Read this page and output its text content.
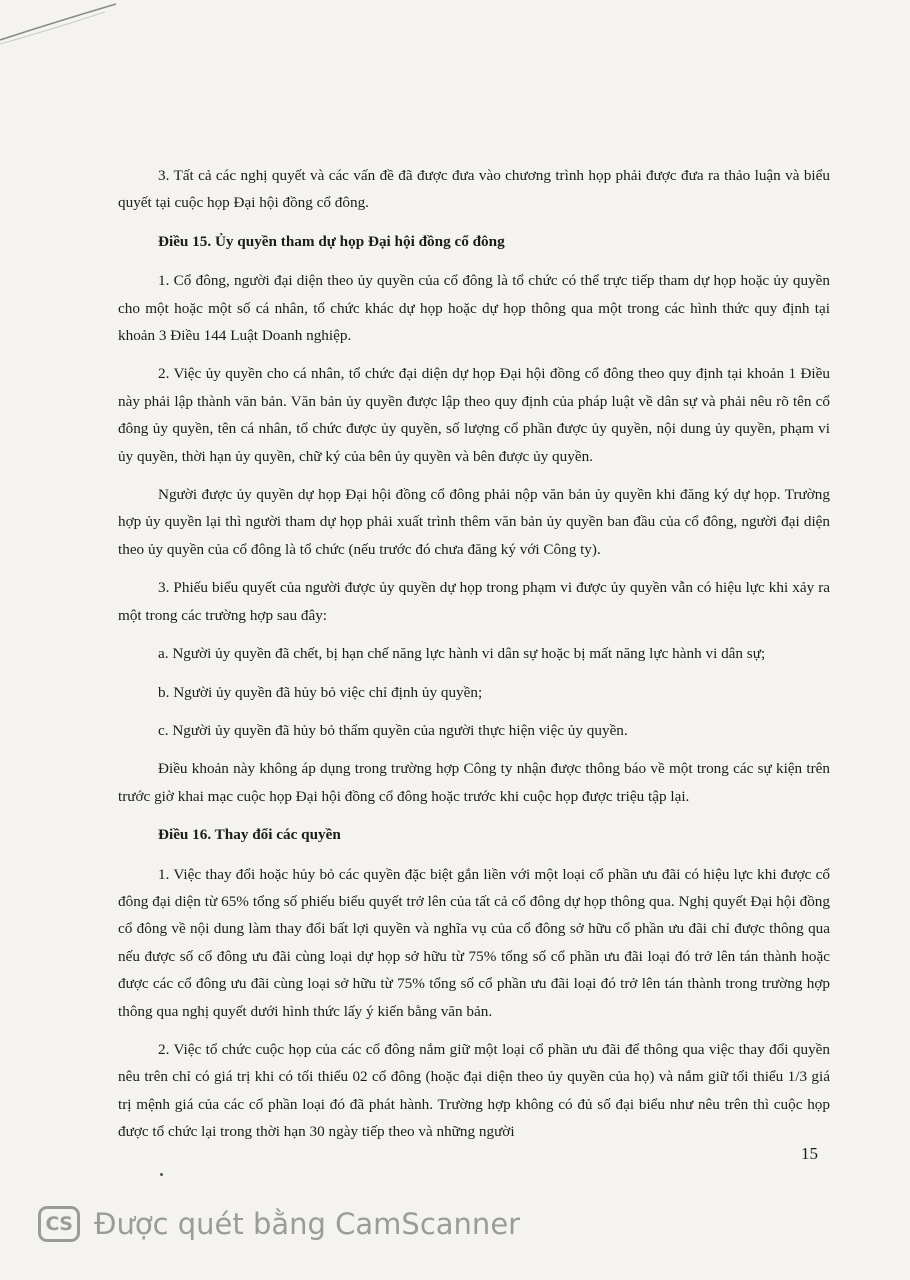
3. Tất cả các nghị quyết và các vấn đề đã được đưa vào chương trình họp phải được đưa ra thảo luận và biểu quyết tại cuộc họp Đại hội đồng cổ đông.

Điều 15. Ủy quyền tham dự họp Đại hội đồng cổ đông

1. Cổ đông, người đại diện theo ủy quyền của cổ đông là tổ chức có thể trực tiếp tham dự họp hoặc ủy quyền cho một hoặc một số cá nhân, tổ chức khác dự họp hoặc dự họp thông qua một trong các hình thức quy định tại khoản 3 Điều 144 Luật Doanh nghiệp.

2. Việc ủy quyền cho cá nhân, tổ chức đại diện dự họp Đại hội đồng cổ đông theo quy định tại khoản 1 Điều này phải lập thành văn bản. Văn bản ủy quyền được lập theo quy định của pháp luật về dân sự và phải nêu rõ tên cổ đông ủy quyền, tên cá nhân, tổ chức được ủy quyền, số lượng cổ phần được ủy quyền, nội dung ủy quyền, phạm vi ủy quyền, thời hạn ủy quyền, chữ ký của bên ủy quyền và bên được ủy quyền.

Người được ủy quyền dự họp Đại hội đồng cổ đông phải nộp văn bản ủy quyền khi đăng ký dự họp. Trường hợp ủy quyền lại thì người tham dự họp phải xuất trình thêm văn bản ủy quyền ban đầu của cổ đông, người đại diện theo ủy quyền của cổ đông là tổ chức (nếu trước đó chưa đăng ký với Công ty).

3. Phiếu biểu quyết của người được ủy quyền dự họp trong phạm vi được ủy quyền vẫn có hiệu lực khi xảy ra một trong các trường hợp sau đây:

a. Người ủy quyền đã chết, bị hạn chế năng lực hành vi dân sự hoặc bị mất năng lực hành vi dân sự;

b. Người ủy quyền đã hủy bỏ việc chỉ định ủy quyền;

c. Người ủy quyền đã hủy bỏ thẩm quyền của người thực hiện việc ủy quyền.

Điều khoản này không áp dụng trong trường hợp Công ty nhận được thông báo về một trong các sự kiện trên trước giờ khai mạc cuộc họp Đại hội đồng cổ đông hoặc trước khi cuộc họp được triệu tập lại.

Điều 16. Thay đổi các quyền

1. Việc thay đổi hoặc hủy bỏ các quyền đặc biệt gắn liền với một loại cổ phần ưu đãi có hiệu lực khi được cổ đông đại diện từ 65% tổng số phiếu biểu quyết trở lên của tất cả cổ đông dự họp thông qua. Nghị quyết Đại hội đồng cổ đông về nội dung làm thay đổi bất lợi quyền và nghĩa vụ của cổ đông sở hữu cổ phần ưu đãi chỉ được thông qua nếu được số cổ đông ưu đãi cùng loại dự họp sở hữu từ 75% tổng số cổ phần ưu đãi loại đó trở lên tán thành hoặc được các cổ đông ưu đãi cùng loại sở hữu từ 75% tổng số cổ phần ưu đãi loại đó trở lên tán thành trong trường hợp thông qua nghị quyết dưới hình thức lấy ý kiến bằng văn bản.

2. Việc tổ chức cuộc họp của các cổ đông nắm giữ một loại cổ phần ưu đãi để thông qua việc thay đổi quyền nêu trên chỉ có giá trị khi có tối thiểu 02 cổ đông (hoặc đại diện theo ủy quyền của họ) và nắm giữ tối thiểu 1/3 giá trị mệnh giá của các cổ phần loại đó đã phát hành. Trường hợp không có đủ số đại biểu như nêu trên thì cuộc họp được tổ chức lại trong thời hạn 30 ngày tiếp theo và những người

15
CS Được quét bằng CamScanner
